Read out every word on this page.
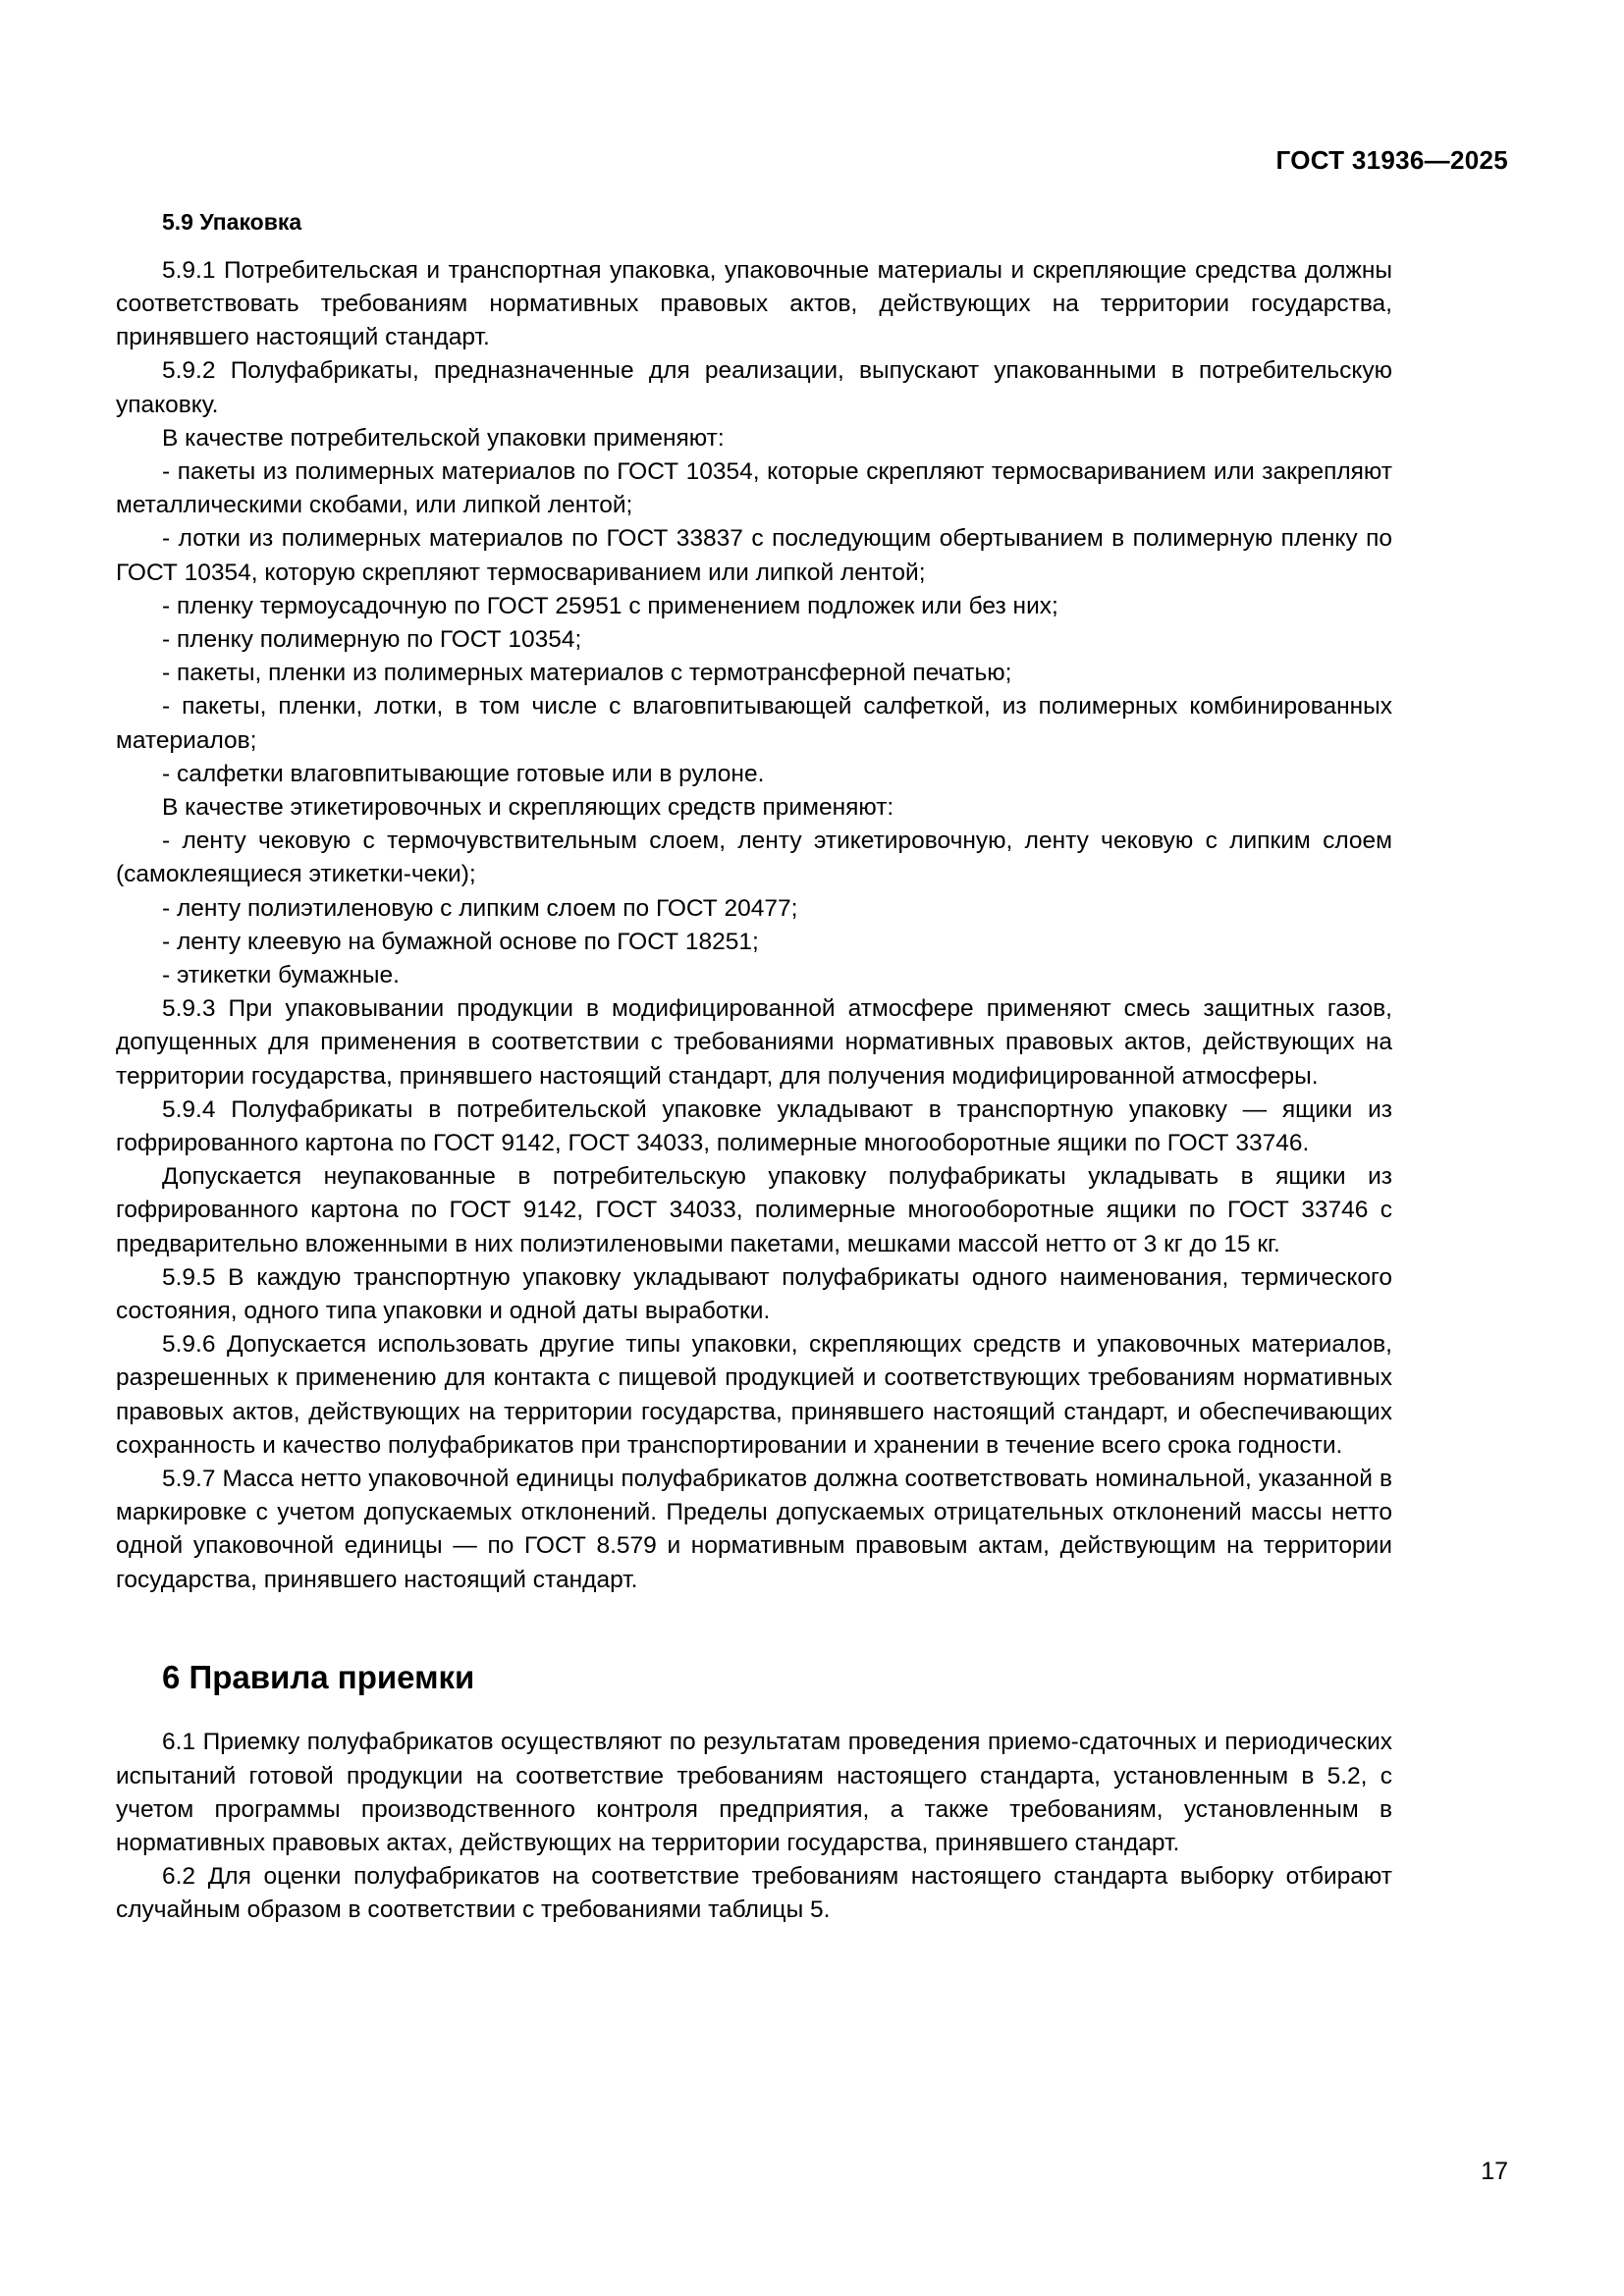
ГОСТ 31936—2025
5.9 Упаковка

5.9.1 Потребительская и транспортная упаковка, упаковочные материалы и скрепляющие средства должны соответствовать требованиям нормативных правовых актов, действующих на территории государства, принявшего настоящий стандарт.

5.9.2 Полуфабрикаты, предназначенные для реализации, выпускают упакованными в потребительскую упаковку.

В качестве потребительской упаковки применяют:

- пакеты из полимерных материалов по ГОСТ 10354, которые скрепляют термосвариванием или закрепляют металлическими скобами, или липкой лентой;

- лотки из полимерных материалов по ГОСТ 33837 с последующим обертыванием в полимерную пленку по ГОСТ 10354, которую скрепляют термосвариванием или липкой лентой;

- пленку термоусадочную по ГОСТ 25951 с применением подложек или без них;

- пленку полимерную по ГОСТ 10354;

- пакеты, пленки из полимерных материалов с термотрансферной печатью;

- пакеты, пленки, лотки, в том числе с влаговпитывающей салфеткой, из полимерных комбинированных материалов;

- салфетки влаговпитывающие готовые или в рулоне.

В качестве этикетировочных и скрепляющих средств применяют:

- ленту чековую с термочувствительным слоем, ленту этикетировочную, ленту чековую с липким слоем (самоклеящиеся этикетки-чеки);

- ленту полиэтиленовую с липким слоем по ГОСТ 20477;

- ленту клеевую на бумажной основе по ГОСТ 18251;

- этикетки бумажные.

5.9.3 При упаковывании продукции в модифицированной атмосфере применяют смесь защитных газов, допущенных для применения в соответствии с требованиями нормативных правовых актов, действующих на территории государства, принявшего настоящий стандарт, для получения модифицированной атмосферы.

5.9.4 Полуфабрикаты в потребительской упаковке укладывают в транспортную упаковку — ящики из гофрированного картона по ГОСТ 9142, ГОСТ 34033, полимерные многооборотные ящики по ГОСТ 33746.

Допускается неупакованные в потребительскую упаковку полуфабрикаты укладывать в ящики из гофрированного картона по ГОСТ 9142, ГОСТ 34033, полимерные многооборотные ящики по ГОСТ 33746 с предварительно вложенными в них полиэтиленовыми пакетами, мешками массой нетто от 3 кг до 15 кг.

5.9.5 В каждую транспортную упаковку укладывают полуфабрикаты одного наименования, термического состояния, одного типа упаковки и одной даты выработки.

5.9.6 Допускается использовать другие типы упаковки, скрепляющих средств и упаковочных материалов, разрешенных к применению для контакта с пищевой продукцией и соответствующих требованиям нормативных правовых актов, действующих на территории государства, принявшего настоящий стандарт, и обеспечивающих сохранность и качество полуфабрикатов при транспортировании и хранении в течение всего срока годности.

5.9.7 Масса нетто упаковочной единицы полуфабрикатов должна соответствовать номинальной, указанной в маркировке с учетом допускаемых отклонений. Пределы допускаемых отрицательных отклонений массы нетто одной упаковочной единицы — по ГОСТ 8.579 и нормативным правовым актам, действующим на территории государства, принявшего настоящий стандарт.

6 Правила приемки

6.1 Приемку полуфабрикатов осуществляют по результатам проведения приемо-сдаточных и периодических испытаний готовой продукции на соответствие требованиям настоящего стандарта, установленным в 5.2, с учетом программы производственного контроля предприятия, а также требованиям, установленным в нормативных правовых актах, действующих на территории государства, принявшего стандарт.

6.2 Для оценки полуфабрикатов на соответствие требованиям настоящего стандарта выборку отбирают случайным образом в соответствии с требованиями таблицы 5.

17
